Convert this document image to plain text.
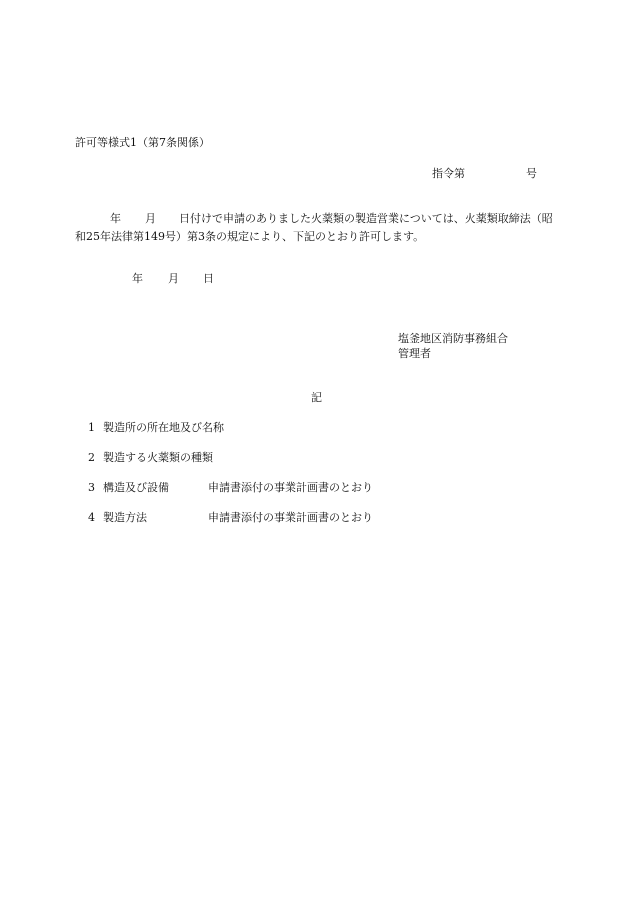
許可等様式1（第7条関係）
指令第	号
年 月 日付けで申請のありました火薬類の製造営業については、火薬類取締法（昭
和25年法律第149号）第3条の規定により、下記のとおり許可します。
年 月 日
塩釜地区消防事務組合
管理者
記
1 製造所の所在地及び名称
2 製造する火薬類の種類
3 構造及び設備	申請書添付の事業計画書のとおり
4 製造方法	申請書添付の事業計画書のとおり
